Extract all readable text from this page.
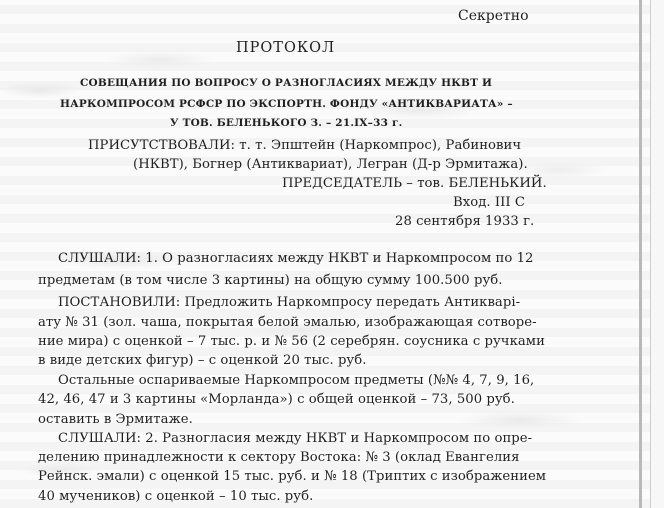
Секретно
ПРОТОКОЛ
СОВЕЩАНИЯ ПО ВОПРОСУ О РАЗНОГЛАСИЯХ МЕЖДУ НКВТ И
НАРКОМПРОСОМ РСФСР ПО ЭКСПОРТН. ФОНДУ «АНТИКВАРИАТА» –
У ТОВ. БЕЛЕНЬКОГО З. – 21.IX–33 г.
ПРИСУТСТВОВАЛИ: т. т. Эпштейн (Наркомпрос), Рабинович
(НКВТ), Богнер (Антиквариат), Легран (Д-р Эрмитажа).
ПРЕДСЕДАТЕЛЬ – тов. БЕЛЕНЬКИЙ.
Вход. III С
28 сентября 1933 г.
СЛУШАЛИ: 1. О разногласиях между НКВТ и Наркомпросом по 12
предметам (в том числе 3 картины) на общую сумму 100.500 руб.
ПОСТАНОВИЛИ: Предложить Наркомпросу передать Антикварi-
ату № 31 (зол. чаша, покрытая белой эмалью, изображающая сотворе-
ние мира) с оценкой – 7 тыс. р. и № 56 (2 серебрян. соусника с ручками
в виде детских фигур) – с оценкой 20 тыс. руб.
Остальные оспариваемые Наркомпросом предметы (№№ 4, 7, 9, 16,
42, 46, 47 и 3 картины «Морланда») с общей оценкой – 73, 500 руб.
оставить в Эрмитаже.
СЛУШАЛИ: 2. Разногласия между НКВТ и Наркомпросом по опре-
делению принадлежности к сектору Востока: № 3 (оклад Евангелия
Рейнск. эмали) с оценкой 15 тыс. руб. и № 18 (Триптих с изображением
40 мучеников) с оценкой – 10 тыс. руб.
